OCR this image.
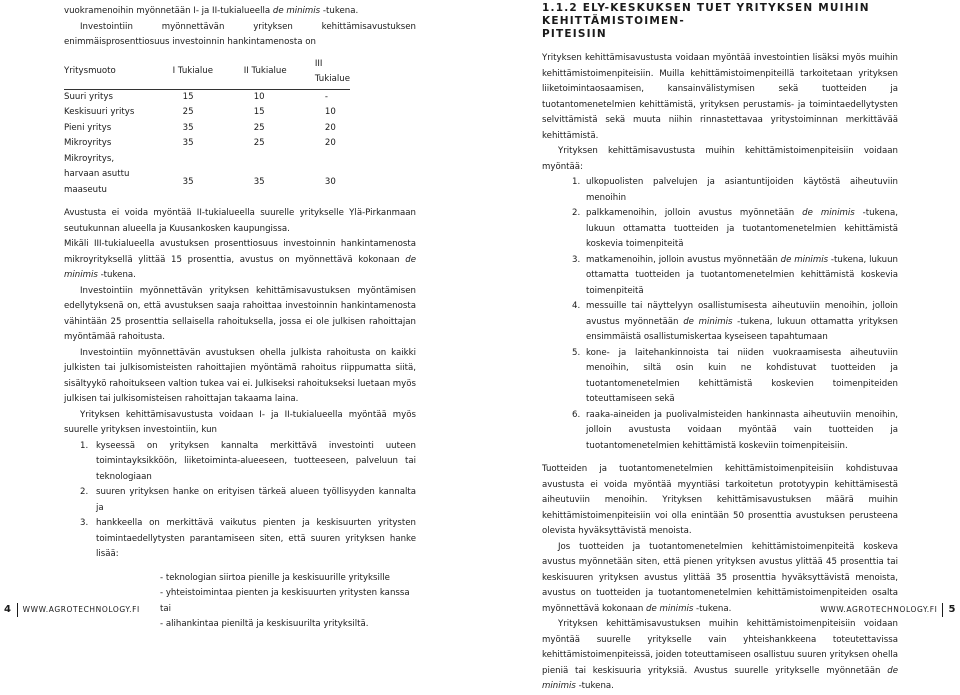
vuokramenoihin myönnetään I- ja II-tukialueella de minimis -tukena.

Investointiin myönnettävän yrityksen kehittämisavustuksen enimmäisprosenttiosuus investoinnin hankintamenosta on

Yritysmuoto	I Tukialue	II Tukialue	III Tukialue
Suuri yritys	15	10	-
Keskisuuri yritys	25	15	10
Pieni yritys	35	25	20
Mikroyritys	35	25	20
Mikroyritys,			
harvaan asuttu maaseutu	35	35	30

Avustusta ei voida myöntää II-tukialueella suurelle yritykselle Ylä-Pirkanmaan seutukunnan alueella ja Kuusankosken kaupungissa.

Mikäli III-tukialueella avustuksen prosenttiosuus investoinnin hankintamenosta mikroyrityksellä ylittää 15 prosenttia, avustus on myönnettävä kokonaan de minimis -tukena.

Investointiin myönnettävän yrityksen kehittämisavustuksen myöntämisen edellytyksenä on, että avustuksen saaja rahoittaa investoinnin hankintamenosta vähintään 25 prosenttia sellaisella rahoituksella, jossa ei ole julkisen rahoittajan myöntämää rahoitusta.

Investointiin myönnettävän avustuksen ohella julkista rahoitusta on kaikki julkisten tai julkisomisteisten rahoittajien myöntämä rahoitus riippumatta siitä, sisältyykö rahoitukseen valtion tukea vai ei. Julkiseksi rahoitukseksi luetaan myös julkisen tai julkisomisteisen rahoittajan takaama laina.

Yrityksen kehittämisavustusta voidaan I- ja II-tukialueella myöntää myös suurelle yrityksen investointiin, kun

1. kyseessä on yrityksen kannalta merkittävä investointi uuteen toimintayksikköön, liiketoiminta-alueeseen, tuotteeseen, palveluun tai teknologiaan
2. suuren yrityksen hanke on erityisen tärkeä alueen työllisyyden kannalta ja
3. hankkeella on merkittävä vaikutus pienten ja keskisuurten yritysten toimintaedellytysten parantamiseen siten, että suuren yrityksen hanke lisää:
- teknologian siirtoa pienille ja keskisuurille yrityksille
- yhteistoimintaa pienten ja keskisuurten yritysten kanssa tai
- alihankintaa pieniltä ja keskisuurilta yrityksiltä.
4 WWW.AGROTECHNOLOGY.FI
1.1.2 ELY-KESKUKSEN TUET YRITYKSEN MUIHIN KEHITTÄMISTOIMEN-
PITEISIIN

Yrityksen kehittämisavustusta voidaan myöntää investointien lisäksi myös muihin kehittämistoimenpiteisiin. Muilla kehittämistoimenpiteillä tarkoitetaan yrityksen liiketoimintaosaamisen, kansainvälistymisen sekä tuotteiden ja tuotantomenetelmien kehittämistä, yrityksen perustamis- ja toimintaedellytysten selvittämistä sekä muuta niihin rinnastettavaa yritystoiminnan merkittävää kehittämistä.

Yrityksen kehittämisavustusta muihin kehittämistoimenpiteisiin voidaan myöntää:

1. ulkopuolisten palvelujen ja asiantuntijoiden käytöstä aiheutuviin menoihin
2. palkkamenoihin, jolloin avustus myönnetään de minimis -tukena, lukuun ottamatta tuotteiden ja tuotantomenetelmien kehittämistä koskevia toimenpiteitä
3. matkamenoihin, jolloin avustus myönnetään de minimis -tukena, lukuun ottamatta tuotteiden ja tuotantomenetelmien kehittämistä koskevia toimenpiteitä
4. messuille tai näyttelyyn osallistumisesta aiheutuviin menoihin, jolloin avustus myönnetään de minimis -tukena, lukuun ottamatta yrityksen ensimmäistä osallistumiskertaa kyseiseen tapahtumaan
5. kone- ja laitehankinnoista tai niiden vuokraamisesta aiheutuviin menoihin, siltä osin kuin ne kohdistuvat tuotteiden ja tuotantomenetelmien kehittämistä koskevien toimenpiteiden toteuttamiseen sekä
6. raaka-aineiden ja puolivalmisteiden hankinnasta aiheutuviin menoihin, jolloin avustusta voidaan myöntää vain tuotteiden ja tuotantomenetelmien kehittämistä koskeviin toimenpiteisiin.

Tuotteiden ja tuotantomenetelmien kehittämistoimenpiteisiin kohdistuvaa avustusta ei voida myöntää myyntiäsi tarkoitetun prototyypin kehittämisestä aiheutuviin menoihin. Yrityksen kehittämisavustuksen määrä muihin kehittämistoimenpiteisiin voi olla enintään 50 prosenttia avustuksen perusteena olevista hyväksyttävistä menoista.

Jos tuotteiden ja tuotantomenetelmien kehittämistoimenpiteitä koskeva avustus myönnetään siten, että pienen yrityksen avustus ylittää 45 prosenttia tai keskisuuren yrityksen avustus ylittää 35 prosenttia hyväksyttävistä menoista, avustus on tuotteiden ja tuotantomenetelmien kehittämistoimenpiteiden osalta myönnettävä kokonaan de minimis -tukena.

Yrityksen kehittämisavustuksen muihin kehittämistoimenpiteisiin voidaan myöntää suurelle yritykselle vain yhteishankkeena toteutettavissa kehittämistoimenpiteissä, joiden toteuttamiseen osallistuu suuren yrityksen ohella pieniä tai keskisuuria yrityksiä. Avustus suurelle yritykselle myönnetään de minimis -tukena.

WWW.AGROTECHNOLOGY.FI 5
